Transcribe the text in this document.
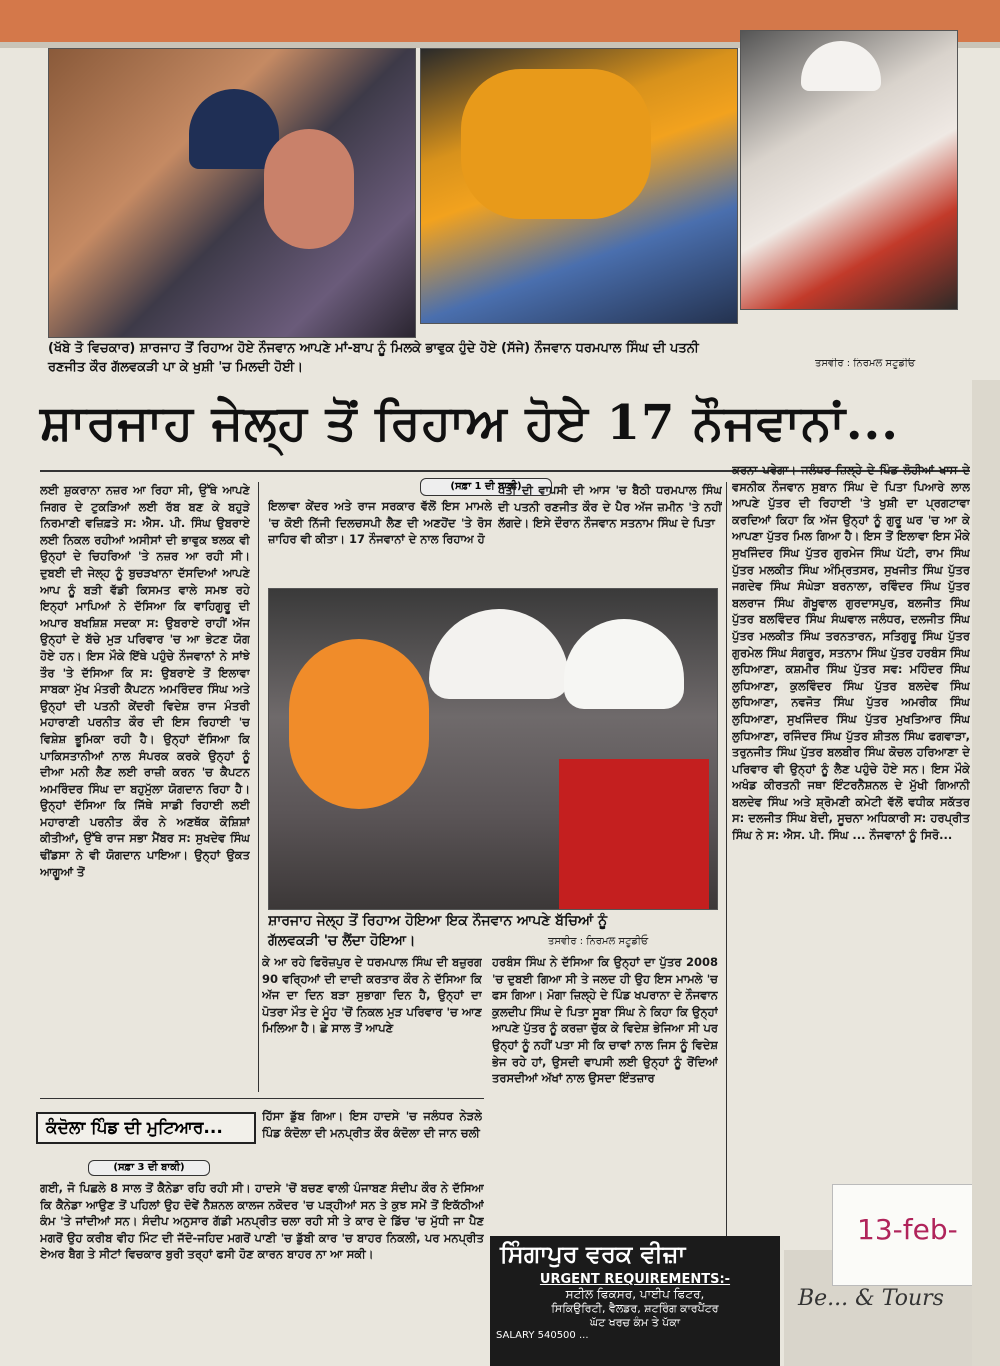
(ਖੱਬੇ ਤੋ ਵਿਚਕਾਰ) ਸ਼ਾਰਜਾਹ ਤੋਂ ਰਿਹਾਅ ਹੋਏ ਨੌਜਵਾਨ ਆਪਣੇ ਮਾਂ-ਬਾਪ ਨੂੰ ਮਿਲਕੇ ਭਾਵੁਕ ਹੁੰਦੇ ਹੋਏ (ਸੱਜੇ) ਨੌਜਵਾਨ ਧਰਮਪਾਲ ਸਿੰਘ ਦੀ ਪਤਨੀ
ਰਣਜੀਤ ਕੌਰ ਗੱਲਵਕੜੀ ਪਾ ਕੇ ਖੁਸ਼ੀ 'ਚ ਮਿਲਦੀ ਹੋਈ।	ਤਸਵੀਰ : ਨਿਰਮਲ ਸਟੂਡੀਓ
ਸ਼ਾਰਜਾਹ ਜੇਲ੍ਹ ਤੋਂ ਰਿਹਾਅ ਹੋਏ 17 ਨੌਜਵਾਨਾਂ...

ਲਈ ਸ਼ੁਕਰਾਨਾ ਨਜ਼ਰ ਆ ਰਿਹਾ ਸੀ, ਉੱਥੇ ਆਪਣੇ ਜਿਗਰ ਦੇ ਟੁਕੜਿਆਂ ਲਈ ਰੱਬ ਬਣ ਕੇ ਬਹੁੜੇ ਨਿਰਮਾਣੀ ਵਜ਼ਿਫ਼ਤੇ ਸ: ਐਸ. ਪੀ. ਸਿੰਘ ਉਬਰਾਏ ਲਈ ਨਿਕਲ ਰਹੀਆਂ ਅਸੀਸਾਂ ਦੀ ਭਾਵੁਕ ਝਲਕ ਵੀ ਉਨ੍ਹਾਂ ਦੇ ਚਿਹਰਿਆਂ 'ਤੇ ਨਜ਼ਰ ਆ ਰਹੀ ਸੀ। ਦੁਬਈ ਦੀ ਜੇਲ੍ਹ ਨੂੰ ਬੁਚੜਖਾਨਾ ਦੱਸਦਿਆਂ ਆਪਣੇ ਆਪ ਨੂੰ ਬੜੀ ਵੱਡੀ ਕਿਸਮਤ ਵਾਲੇ ਸਮਝ ਰਹੇ ਇਨ੍ਹਾਂ ਮਾਪਿਆਂ ਨੇ ਦੱਸਿਆ ਕਿ ਵਾਹਿਗੁਰੂ ਦੀ ਅਪਾਰ ਬਖਸ਼ਿਸ਼ ਸਦਕਾ ਸ: ਉਬਰਾਏ ਰਾਹੀਂ ਅੱਜ ਉਨ੍ਹਾਂ ਦੇ ਬੱਚੇ ਮੁੜ ਪਰਿਵਾਰ 'ਚ ਆ ਭੇਟਣ ਯੋਗ ਹੋਏ ਹਨ। ਇਸ ਮੌਕੇ ਇੱਥੇ ਪਹੁੰਚੇ ਨੌਜਵਾਨਾਂ ਨੇ ਸਾਂਝੇ ਤੌਰ 'ਤੇ ਦੱਸਿਆ ਕਿ ਸ: ਉਬਰਾਏ ਤੋਂ ਇਲਾਵਾ ਸਾਬਕਾ ਮੁੱਖ ਮੰਤਰੀ ਕੈਪਟਨ ਅਮਰਿੰਦਰ ਸਿੰਘ ਅਤੇ ਉਨ੍ਹਾਂ ਦੀ ਪਤਨੀ ਕੇਂਦਰੀ ਵਿਦੇਸ਼ ਰਾਜ ਮੰਤਰੀ ਮਹਾਰਾਣੀ ਪਰਨੀਤ ਕੌਰ ਦੀ ਇਸ ਰਿਹਾਈ 'ਚ ਵਿਸ਼ੇਸ਼ ਭੂਮਿਕਾ ਰਹੀ ਹੈ। ਉਨ੍ਹਾਂ ਦੱਸਿਆ ਕਿ ਪਾਕਿਸਤਾਨੀਆਂ ਨਾਲ ਸੰਪਰਕ ਕਰਕੇ ਉਨ੍ਹਾਂ ਨੂੰ ਦੀਆ ਮਨੀ ਲੈਣ ਲਈ ਰਾਜ਼ੀ ਕਰਨ 'ਚ ਕੈਪਟਨ ਅਮਰਿੰਦਰ ਸਿੰਘ ਦਾ ਬਹੁਮੁੱਲਾ ਯੋਗਦਾਨ ਰਿਹਾ ਹੈ। ਉਨ੍ਹਾਂ ਦੱਸਿਆ ਕਿ ਜਿੱਥੇ ਸਾਡੀ ਰਿਹਾਈ ਲਈ ਮਹਾਰਾਣੀ ਪਰਨੀਤ ਕੌਰ ਨੇ ਅਣਥੱਕ ਕੋਸ਼ਿਸ਼ਾਂ ਕੀਤੀਆਂ, ਉੱਥੇ ਰਾਜ ਸਭਾ ਮੈਂਬਰ ਸ: ਸੁਖਦੇਵ ਸਿੰਘ ਢੀਂਡਸਾ ਨੇ ਵੀ ਯੋਗਦਾਨ ਪਾਇਆ। ਉਨ੍ਹਾਂ ਉਕਤ ਆਗੂਆਂ ਤੋਂ

(ਸਫ਼ਾ 1 ਦੀ ਬਾਕੀ)

ਇਲਾਵਾ ਕੇਂਦਰ ਅਤੇ ਰਾਜ ਸਰਕਾਰ ਵੱਲੋਂ ਇਸ ਮਾਮਲੇ 'ਚ ਕੋਈ ਨਿੱਜੀ ਦਿਲਚਸਪੀ ਲੈਣ ਦੀ ਅਣਹੋਂਦ 'ਤੇ ਰੋਸ ਜ਼ਾਹਿਰ ਵੀ ਕੀਤਾ। 17 ਨੌਜਵਾਨਾਂ ਦੇ ਨਾਲ ਰਿਹਾਅ ਹੋ

ਪਤੀ ਦੀ ਵਾਪਸੀ ਦੀ ਆਸ 'ਚ ਬੈਠੀ ਧਰਮਪਾਲ ਸਿੰਘ ਦੀ ਪਤਨੀ ਰਣਜੀਤ ਕੌਰ ਦੇ ਪੈਰ ਅੱਜ ਜ਼ਮੀਨ 'ਤੇ ਨਹੀਂ ਲੱਗਦੇ। ਇਸੇ ਦੌਰਾਨ ਨੌਜਵਾਨ ਸਤਨਾਮ ਸਿੰਘ ਦੇ ਪਿਤਾ

ਸ਼ਾਰਜਾਹ ਜੇਲ੍ਹ ਤੋਂ ਰਿਹਾਅ ਹੋਇਆ ਇਕ ਨੌਜਵਾਨ ਆਪਣੇ ਬੱਚਿਆਂ ਨੂੰ
ਗੱਲਵਕੜੀ 'ਚ ਲੈਂਦਾ ਹੋਇਆ।	ਤਸਵੀਰ : ਨਿਰਮਲ ਸਟੂਡੀਓ

ਕੇ ਆ ਰਹੇ ਫਿਰੋਜ਼ਪੁਰ ਦੇ ਧਰਮਪਾਲ ਸਿੰਘ ਦੀ ਬਜ਼ੁਰਗ 90 ਵਰ੍ਹਿਆਂ ਦੀ ਦਾਦੀ ਕਰਤਾਰ ਕੌਰ ਨੇ ਦੱਸਿਆ ਕਿ ਅੱਜ ਦਾ ਦਿਨ ਬੜਾ ਸੁਭਾਗਾ ਦਿਨ ਹੈ, ਉਨ੍ਹਾਂ ਦਾ ਪੋਤਰਾ ਮੌਤ ਦੇ ਮੂੰਹ 'ਚੋਂ ਨਿਕਲ ਮੁੜ ਪਰਿਵਾਰ 'ਚ ਆਣ ਮਿਲਿਆ ਹੈ। ਛੇ ਸਾਲ ਤੋਂ ਆਪਣੇ

ਹਰਬੰਸ ਸਿੰਘ ਨੇ ਦੱਸਿਆ ਕਿ ਉਨ੍ਹਾਂ ਦਾ ਪੁੱਤਰ 2008 'ਚ ਦੁਬਈ ਗਿਆ ਸੀ ਤੇ ਜਲਦ ਹੀ ਉਹ ਇਸ ਮਾਮਲੇ 'ਚ ਫਸ ਗਿਆ। ਮੋਗਾ ਜ਼ਿਲ੍ਹੇ ਦੇ ਪਿੰਡ ਖਪਰਾਨਾ ਦੇ ਨੌਜਵਾਨ ਕੁਲਦੀਪ ਸਿੰਘ ਦੇ ਪਿਤਾ ਸੂਬਾ ਸਿੰਘ ਨੇ ਕਿਹਾ ਕਿ ਉਨ੍ਹਾਂ ਆਪਣੇ ਪੁੱਤਰ ਨੂੰ ਕਰਜ਼ਾ ਚੁੱਕ ਕੇ ਵਿਦੇਸ਼ ਭੇਜਿਆ ਸੀ ਪਰ ਉਨ੍ਹਾਂ ਨੂੰ ਨਹੀਂ ਪਤਾ ਸੀ ਕਿ ਚਾਵਾਂ ਨਾਲ ਜਿਸ ਨੂੰ ਵਿਦੇਸ਼ ਭੇਜ ਰਹੇ ਹਾਂ, ਉਸਦੀ ਵਾਪਸੀ ਲਈ ਉਨ੍ਹਾਂ ਨੂੰ ਰੋਂਦਿਆਂ ਤਰਸਦੀਆਂ ਅੱਖਾਂ ਨਾਲ ਉਸਦਾ ਇੰਤਜ਼ਾਰ

ਕਰਨਾ ਪਵੇਗਾ। ਜਲੰਧਰ ਜ਼ਿਲ੍ਹੇ ਦੇ ਪਿੰਡ ਲੋਹੀਆਂ ਖਾਸ ਦੇ ਵਸਨੀਕ ਨੌਜਵਾਨ ਸੁਬਾਨ ਸਿੰਘ ਦੇ ਪਿਤਾ ਪਿਆਰੇ ਲਾਲ ਆਪਣੇ ਪੁੱਤਰ ਦੀ ਰਿਹਾਈ 'ਤੇ ਖੁਸ਼ੀ ਦਾ ਪ੍ਰਗਟਾਵਾ ਕਰਦਿਆਂ ਕਿਹਾ ਕਿ ਅੱਜ ਉਨ੍ਹਾਂ ਨੂੰ ਗੁਰੂ ਘਰ 'ਚ ਆ ਕੇ ਆਪਣਾ ਪੁੱਤਰ ਮਿਲ ਗਿਆ ਹੈ। ਇਸ ਤੋਂ ਇਲਾਵਾ ਇਸ ਮੌਕੇ ਸੁਖਜਿੰਦਰ ਸਿੰਘ ਪੁੱਤਰ ਗੁਰਮੇਜ ਸਿੰਘ ਪੱਟੀ, ਰਾਮ ਸਿੰਘ ਪੁੱਤਰ ਮਲਕੀਤ ਸਿੰਘ ਅੰਮ੍ਰਿਤਸਰ, ਸੁਖਜੀਤ ਸਿੰਘ ਪੁੱਤਰ ਜਗਦੇਵ ਸਿੰਘ ਸੰਘੇੜਾ ਬਰਨਾਲਾ, ਰਵਿੰਦਰ ਸਿੰਘ ਪੁੱਤਰ ਬਲਰਾਜ ਸਿੰਘ ਗੋਖੂਵਾਲ ਗੁਰਦਾਸਪੁਰ, ਬਲਜੀਤ ਸਿੰਘ ਪੁੱਤਰ ਬਲਵਿੰਦਰ ਸਿੰਘ ਸੰਘਵਾਲ ਜਲੰਧਰ, ਦਲਜੀਤ ਸਿੰਘ ਪੁੱਤਰ ਮਲਕੀਤ ਸਿੰਘ ਤਰਨਤਾਰਨ, ਸਤਿਗੁਰੂ ਸਿੰਘ ਪੁੱਤਰ ਗੁਰਮੇਲ ਸਿੰਘ ਸੰਗਰੂਰ, ਸਤਨਾਮ ਸਿੰਘ ਪੁੱਤਰ ਹਰਬੰਸ ਸਿੰਘ ਲੁਧਿਆਣਾ, ਕਸ਼ਮੀਰ ਸਿੰਘ ਪੁੱਤਰ ਸਵ: ਮਹਿੰਦਰ ਸਿੰਘ ਲੁਧਿਆਣਾ, ਕੁਲਵਿੰਦਰ ਸਿੰਘ ਪੁੱਤਰ ਬਲਦੇਵ ਸਿੰਘ ਲੁਧਿਆਣਾ, ਨਵਜੋਤ ਸਿੰਘ ਪੁੱਤਰ ਅਮਰੀਕ ਸਿੰਘ ਲੁਧਿਆਣਾ, ਸੁਖਜਿੰਦਰ ਸਿੰਘ ਪੁੱਤਰ ਮੁਖਤਿਆਰ ਸਿੰਘ ਲੁਧਿਆਣਾ, ਰਜਿੰਦਰ ਸਿੰਘ ਪੁੱਤਰ ਸ਼ੀਤਲ ਸਿੰਘ ਫਗਵਾੜਾ, ਤਰੁਨਜੀਤ ਸਿੰਘ ਪੁੱਤਰ ਬਲਬੀਰ ਸਿੰਘ ਕੋਚਲ ਹਰਿਆਣਾ ਦੇ ਪਰਿਵਾਰ ਵੀ ਉਨ੍ਹਾਂ ਨੂੰ ਲੈਣ ਪਹੁੰਚੇ ਹੋਏ ਸਨ। ਇਸ ਮੌਕੇ ਅਖੰਡ ਕੀਰਤਨੀ ਜਥਾ ਇੰਟਰਨੈਸ਼ਨਲ ਦੇ ਮੁੱਖੀ ਗਿਆਨੀ ਬਲਦੇਵ ਸਿੰਘ ਅਤੇ ਸ਼੍ਰੋਮਣੀ ਕਮੇਟੀ ਵੱਲੋਂ ਵਧੀਕ ਸਕੱਤਰ ਸ: ਦਲਜੀਤ ਸਿੰਘ ਬੇਦੀ, ਸੂਚਨਾ ਅਧਿਕਾਰੀ ਸ: ਹਰਪ੍ਰੀਤ ਸਿੰਘ ਨੇ ਸ: ਐਸ. ਪੀ. ਸਿੰਘ ... ਨੌਜਵਾਨਾਂ ਨੂੰ ਸਿਰੋ...

ਕੰਦੋਲਾ ਪਿੰਡ ਦੀ ਮੁਟਿਆਰ...
(ਸਫ਼ਾ 3 ਦੀ ਬਾਕੀ)

ਹਿੱਸਾ ਡੁੱਬ ਗਿਆ। ਇਸ ਹਾਦਸੇ 'ਚ ਜਲੰਧਰ ਨੇੜਲੇ ਪਿੰਡ ਕੰਦੋਲਾ ਦੀ ਮਨਪ੍ਰੀਤ ਕੌਰ ਕੰਦੋਲਾ ਦੀ ਜਾਨ ਚਲੀ

ਗਈ, ਜੋ ਪਿਛਲੇ 8 ਸਾਲ ਤੋਂ ਕੈਨੇਡਾ ਰਹਿ ਰਹੀ ਸੀ। ਹਾਦਸੇ 'ਚੋਂ ਬਚਣ ਵਾਲੀ ਪੰਜਾਬਣ ਸੰਦੀਪ ਕੌਰ ਨੇ ਦੱਸਿਆ ਕਿ ਕੈਨੇਡਾ ਆਉਣ ਤੋਂ ਪਹਿਲਾਂ ਉਹ ਦੋਵੇਂ ਨੈਸ਼ਨਲ ਕਾਲਜ ਨਕੋਦਰ 'ਚ ਪੜ੍ਹੀਆਂ ਸਨ ਤੇ ਕੁਝ ਸਮੇਂ ਤੋਂ ਇਕੱਠੀਆਂ ਕੰਮ 'ਤੇ ਜਾਂਦੀਆਂ ਸਨ। ਸੰਦੀਪ ਅਨੁਸਾਰ ਗੱਡੀ ਮਨਪ੍ਰੀਤ ਚਲਾ ਰਹੀ ਸੀ ਤੇ ਕਾਰ ਦੇ ਡਿੱਚ 'ਚ ਮੁੱਧੀ ਜਾ ਪੈਣ ਮਗਰੋਂ ਉਹ ਕਰੀਬ ਵੀਹ ਮਿੰਟ ਦੀ ਜੱਦੋ-ਜਹਿਦ ਮਗਰੋਂ ਪਾਣੀ 'ਚ ਡੁੱਬੀ ਕਾਰ 'ਚ ਬਾਹਰ ਨਿਕਲੀ, ਪਰ ਮਨਪ੍ਰੀਤ ਏਅਰ ਬੈਗ ਤੇ ਸੀਟਾਂ ਵਿਚਕਾਰ ਬੁਰੀ ਤਰ੍ਹਾਂ ਫਸੀ ਹੋਣ ਕਾਰਨ ਬਾਹਰ ਨਾ ਆ ਸਕੀ।	ਸਿੰਗਾਪੁਰ ਵਰਕ ਵੀਜ਼ਾ
URGENT REQUIREMENTS:-
ਸਟੀਲ ਫਿਕਸਰ, ਪਾਈਪ ਫਿਟਰ,
ਸਿਕਿਉਰਿਟੀ, ਵੈਲਡਰ, ਸ਼ਟਰਿੰਗ ਕਾਰਪੈਂਟਰ
ਘੱਟ ਖਰਚ ਕੰਮ ਤੇ ਪੱਕਾ
SALARY 540500 ...
Be... & Tours
13-feb-
